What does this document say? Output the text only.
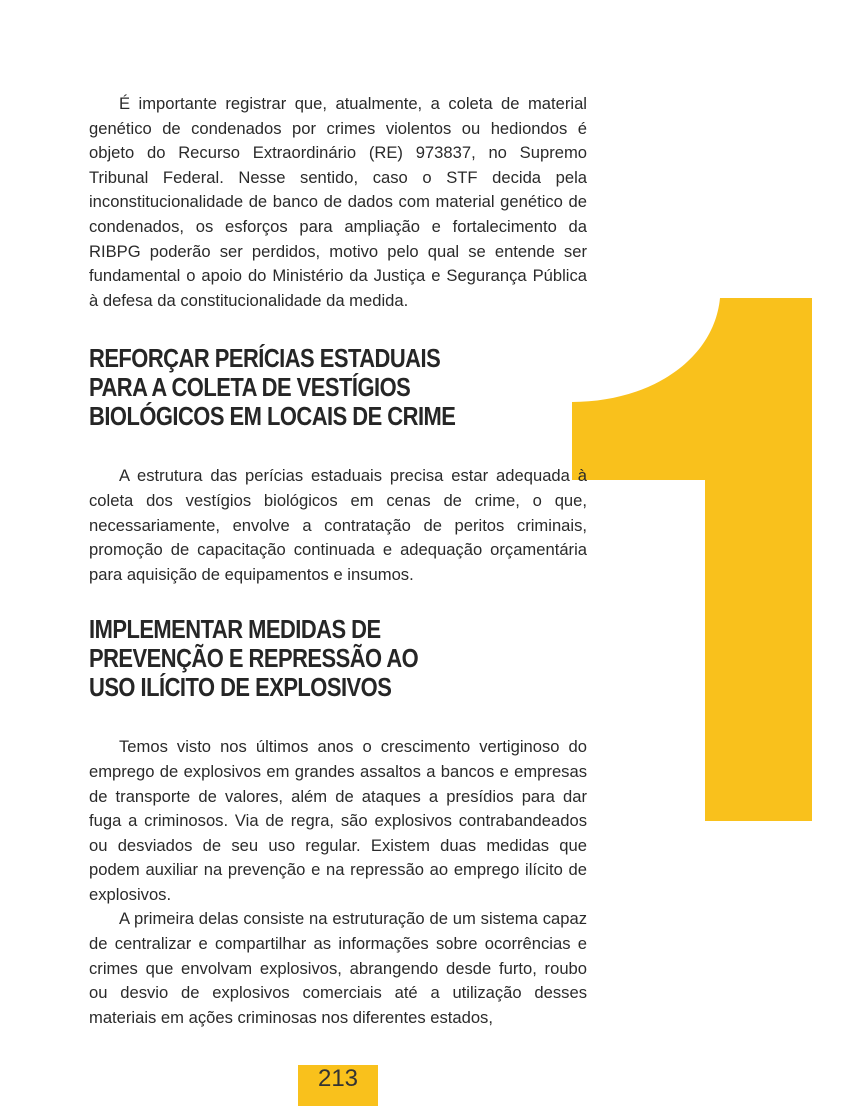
É importante registrar que, atualmente, a coleta de material genético de condenados por crimes violentos ou hediondos é objeto do Recurso Extraordinário (RE) 973837, no Supremo Tribunal Federal. Nesse sentido, caso o STF decida pela inconstitucionalidade de banco de dados com material genético de condenados, os esforços para ampliação e fortalecimento da RIBPG poderão ser perdidos, motivo pelo qual se entende ser fundamental o apoio do Ministério da Justiça e Segurança Pública à defesa da constitucionalidade da medida.

REFORÇAR PERÍCIAS ESTADUAIS
PARA A COLETA DE VESTÍGIOS
BIOLÓGICOS EM LOCAIS DE CRIME

A estrutura das perícias estaduais precisa estar adequada à coleta dos vestígios biológicos em cenas de crime, o que, necessariamente, envolve a contratação de peritos criminais, promoção de capacitação continuada e adequação orçamentária para aquisição de equipamentos e insumos.

IMPLEMENTAR MEDIDAS DE
PREVENÇÃO E REPRESSÃO AO
USO ILÍCITO DE EXPLOSIVOS

Temos visto nos últimos anos o crescimento vertiginoso do emprego de explosivos em grandes assaltos a bancos e empresas de transporte de valores, além de ataques a presídios para dar fuga a criminosos. Via de regra, são explosivos contrabandeados ou desviados de seu uso regular. Existem duas medidas que podem auxiliar na prevenção e na repressão ao emprego ilícito de explosivos.

A primeira delas consiste na estruturação de um sistema capaz de centralizar e compartilhar as informações sobre ocorrências e crimes que envolvam explosivos, abrangendo desde furto, roubo ou desvio de explosivos comerciais até a utilização desses materiais em ações criminosas nos diferentes estados,

213
